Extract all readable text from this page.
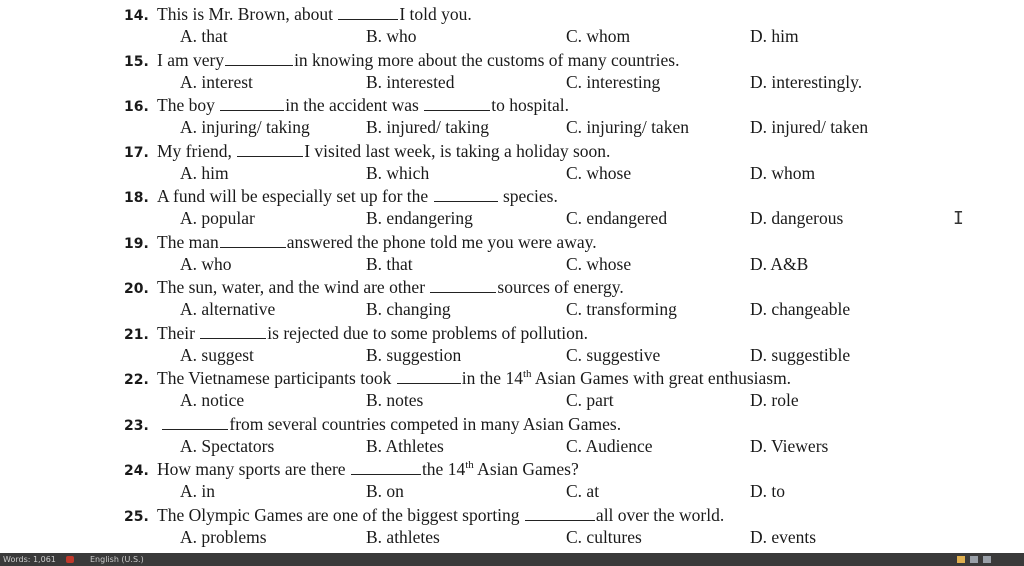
14. This is Mr. Brown, about	I told you.
A. that	B. who	C. whom	D. him
15. I am very	in knowing more about the customs of many countries.
A. interest	B. interested	C. interesting	D. interestingly.
16. The boy	in the accident was	to hospital.
A. injuring/ taking	B. injured/ taking	C. injuring/ taken	D. injured/ taken
17. My friend,	I visited last week, is taking a holiday soon.
A. him	B. which	C. whose	D. whom
18. A fund will be especially set up for the	species.
A. popular	B. endangering	C. endangered	D. dangerous
19. The man	answered the phone told me you were away.
A. who	B. that	C. whose	D. A&B
20. The sun, water, and the wind are other	sources of energy.
A. alternative	B. changing	C. transforming	D. changeable
21. Their	is rejected due to some problems of pollution.
A. suggest	B. suggestion	C. suggestive	D. suggestible
22. The Vietnamese participants took	in the 14th Asian Games with great enthusiasm.
A. notice	B. notes	C. part	D. role
23.	from several countries competed in many Asian Games.
A. Spectators	B. Athletes	C. Audience	D. Viewers
24. How many sports are there	the 14th Asian Games?
A. in	B. on	C. at	D. to
25. The Olympic Games are one of the biggest sporting	all over the world.
A. problems	B. athletes	C. cultures	D. events
I
Words: 1,061	English (U.S.)
